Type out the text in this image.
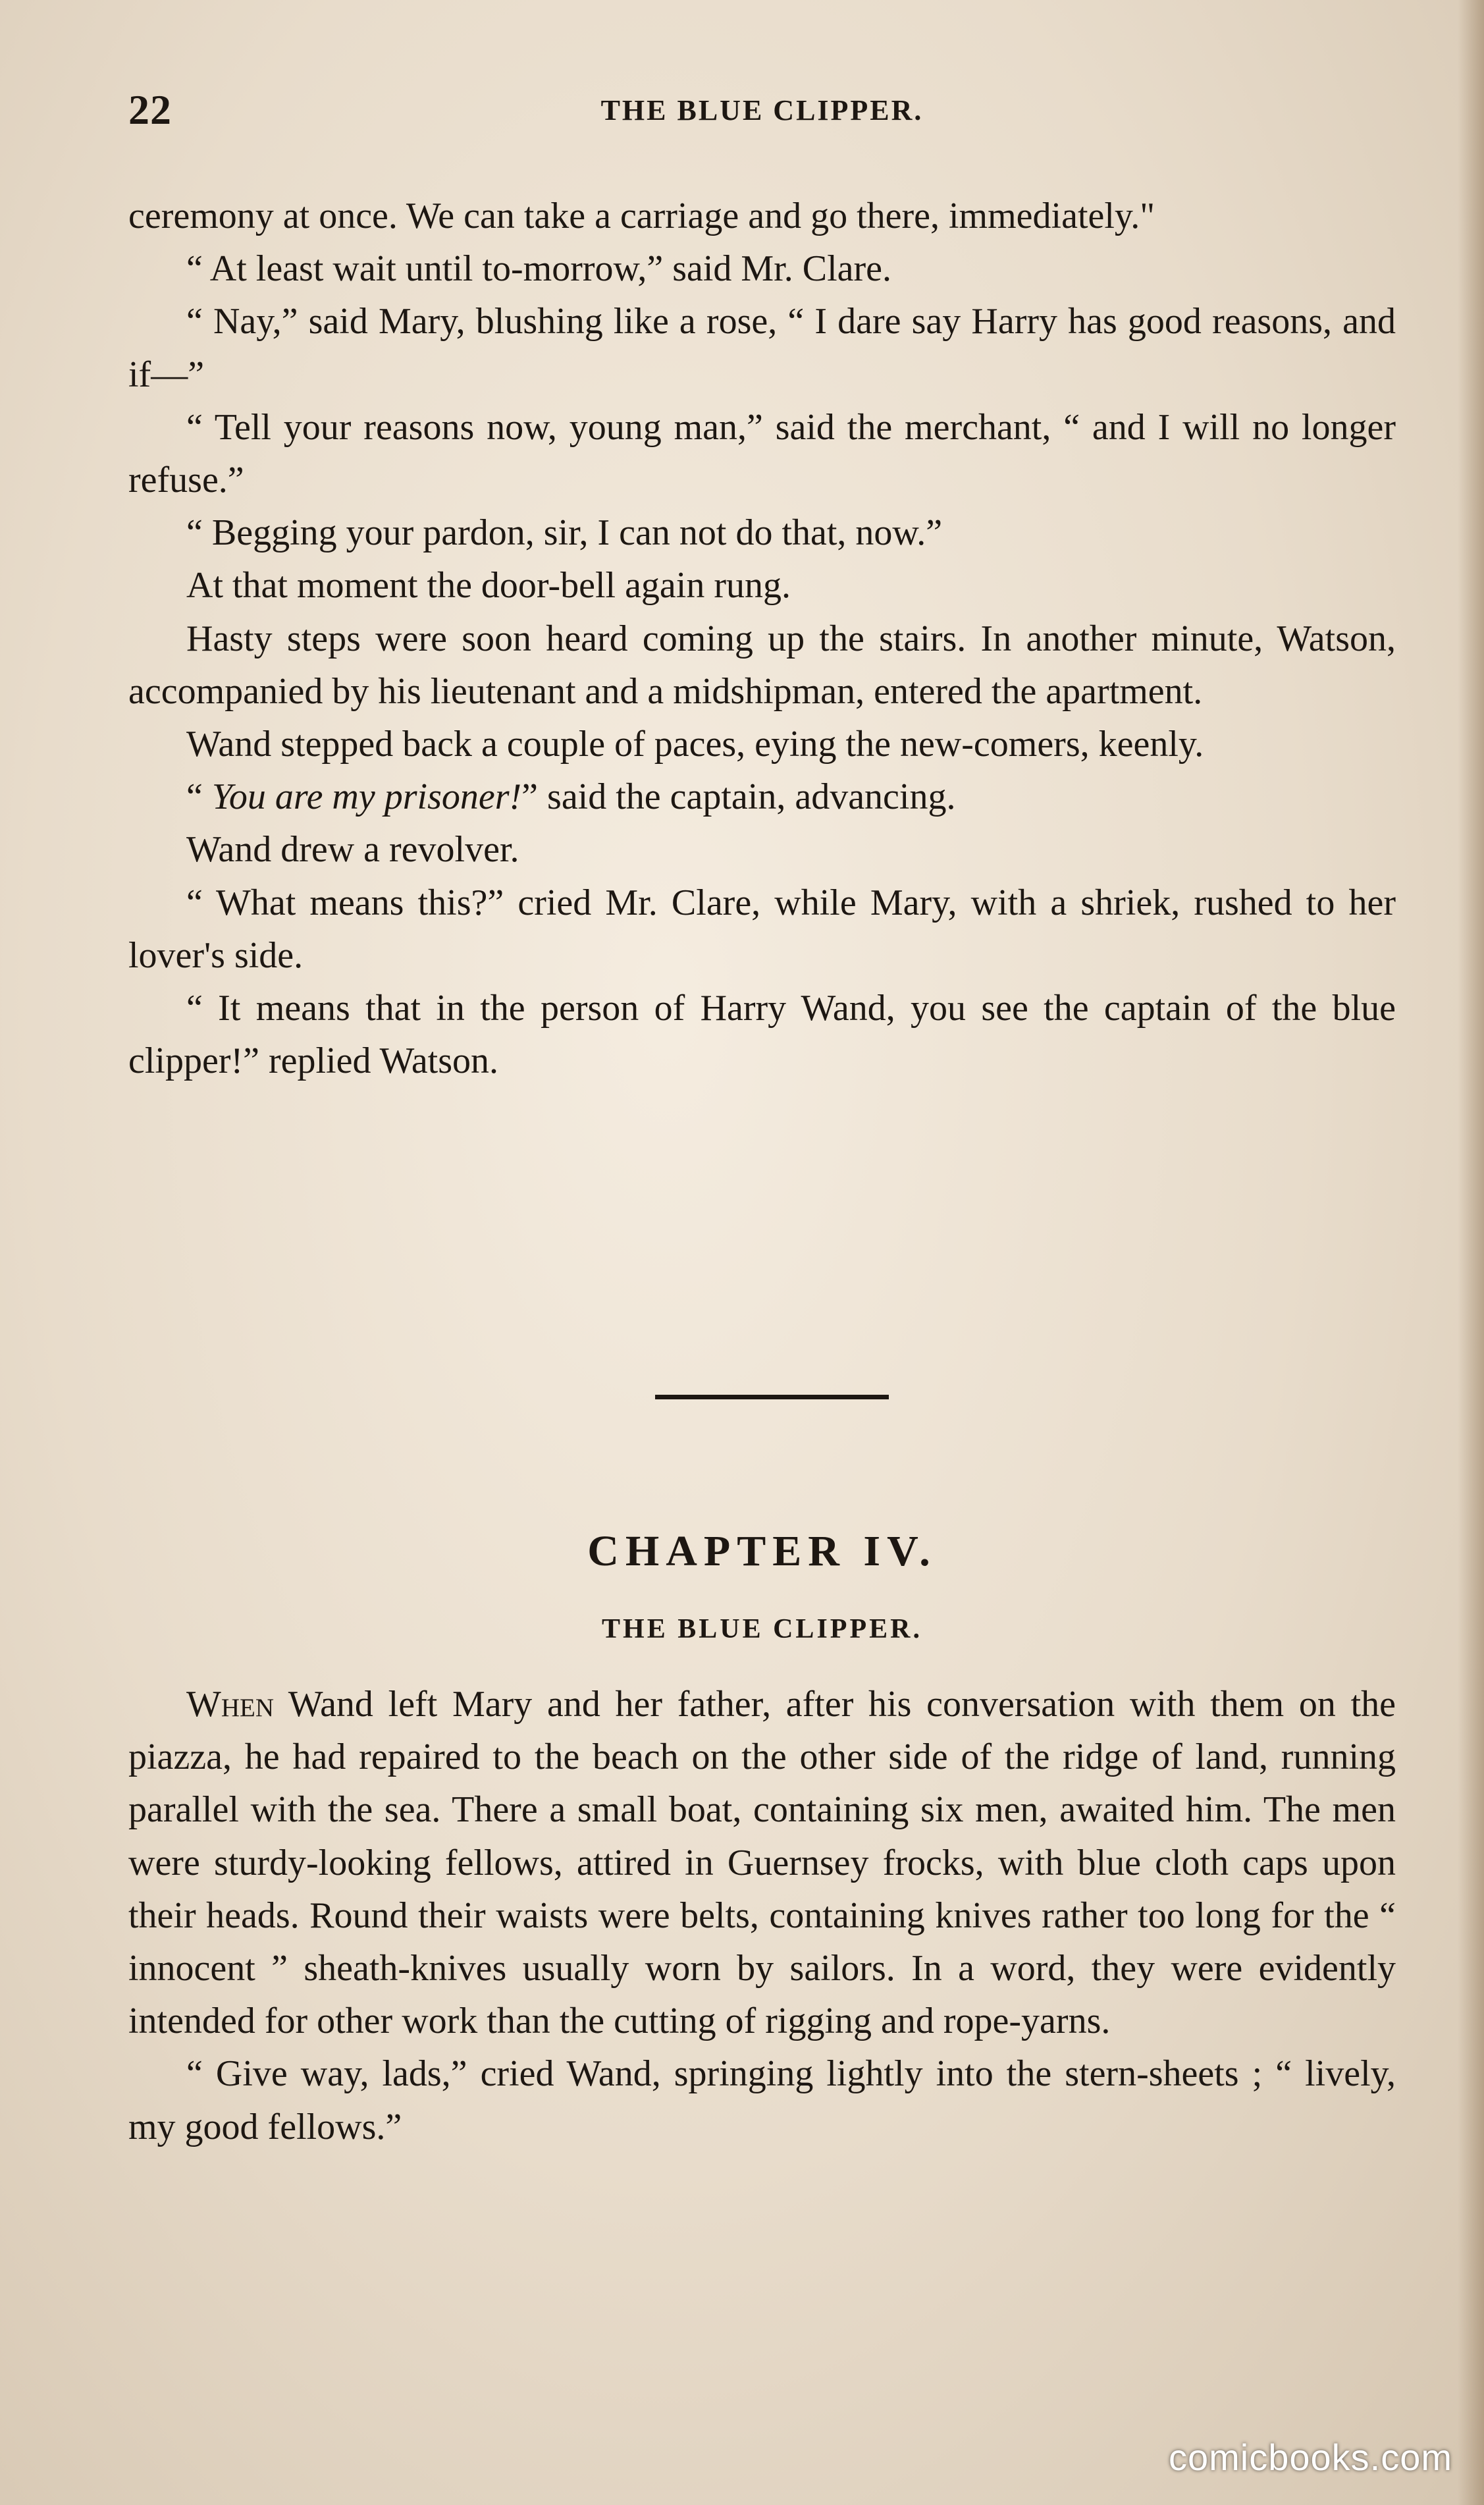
22	THE BLUE CLIPPER.

ceremony at once. We can take a carriage and go there, immediately."

“ At least wait until to-morrow,” said Mr. Clare.

“ Nay,” said Mary, blushing like a rose, “ I dare say Harry has good reasons, and if—”

“ Tell your reasons now, young man,” said the merchant, “ and I will no longer refuse.”

“ Begging your pardon, sir, I can not do that, now.”

At that moment the door-bell again rung.

Hasty steps were soon heard coming up the stairs. In another minute, Watson, accompanied by his lieutenant and a midshipman, entered the apartment.

Wand stepped back a couple of paces, eying the new-comers, keenly.

“ You are my prisoner!” said the captain, advancing.

Wand drew a revolver.

“ What means this?” cried Mr. Clare, while Mary, with a shriek, rushed to her lover's side.

“ It means that in the person of Harry Wand, you see the captain of the blue clipper!” replied Watson.

CHAPTER IV.
THE BLUE CLIPPER.

When Wand left Mary and her father, after his conversation with them on the piazza, he had repaired to the beach on the other side of the ridge of land, running parallel with the sea. There a small boat, containing six men, awaited him. The men were sturdy-looking fellows, attired in Guernsey frocks, with blue cloth caps upon their heads. Round their waists were belts, containing knives rather too long for the “ innocent ” sheath-knives usually worn by sailors. In a word, they were evidently intended for other work than the cutting of rigging and rope-yarns.

“ Give way, lads,” cried Wand, springing lightly into the stern-sheets ; “ lively, my good fellows.”

comicbooks.com
